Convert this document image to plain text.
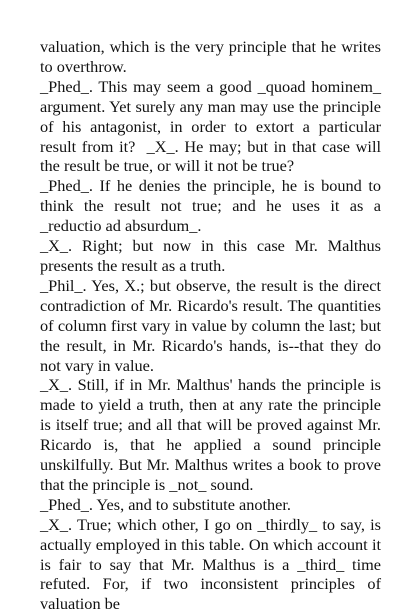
valuation, which is the very principle that he writes to overthrow.

_Phed_. This may seem a good _quoad hominem_ argument. Yet surely any man may use the principle of his antagonist, in order to extort a particular result from it?  _X_. He may; but in that case will the result be true, or will it not be true?

_Phed_. If he denies the principle, he is bound to think the result not true; and he uses it as a _reductio ad absurdum_.

_X_. Right; but now in this case Mr. Malthus presents the result as a truth.

_Phil_. Yes, X.; but observe, the result is the direct contradiction of Mr. Ricardo's result. The quantities of column first vary in value by column the last; but the result, in Mr. Ricardo's hands, is--that they do not vary in value.

_X_. Still, if in Mr. Malthus' hands the principle is made to yield a truth, then at any rate the principle is itself true; and all that will be proved against Mr. Ricardo is, that he applied a sound principle unskilfully. But Mr. Malthus writes a book to prove that the principle is _not_ sound.

_Phed_. Yes, and to substitute another.

_X_. True; which other, I go on _thirdly_ to say, is actually employed in this table. On which account it is fair to say that Mr. Malthus is a _third_ time refuted. For, if two inconsistent principles of valuation be
